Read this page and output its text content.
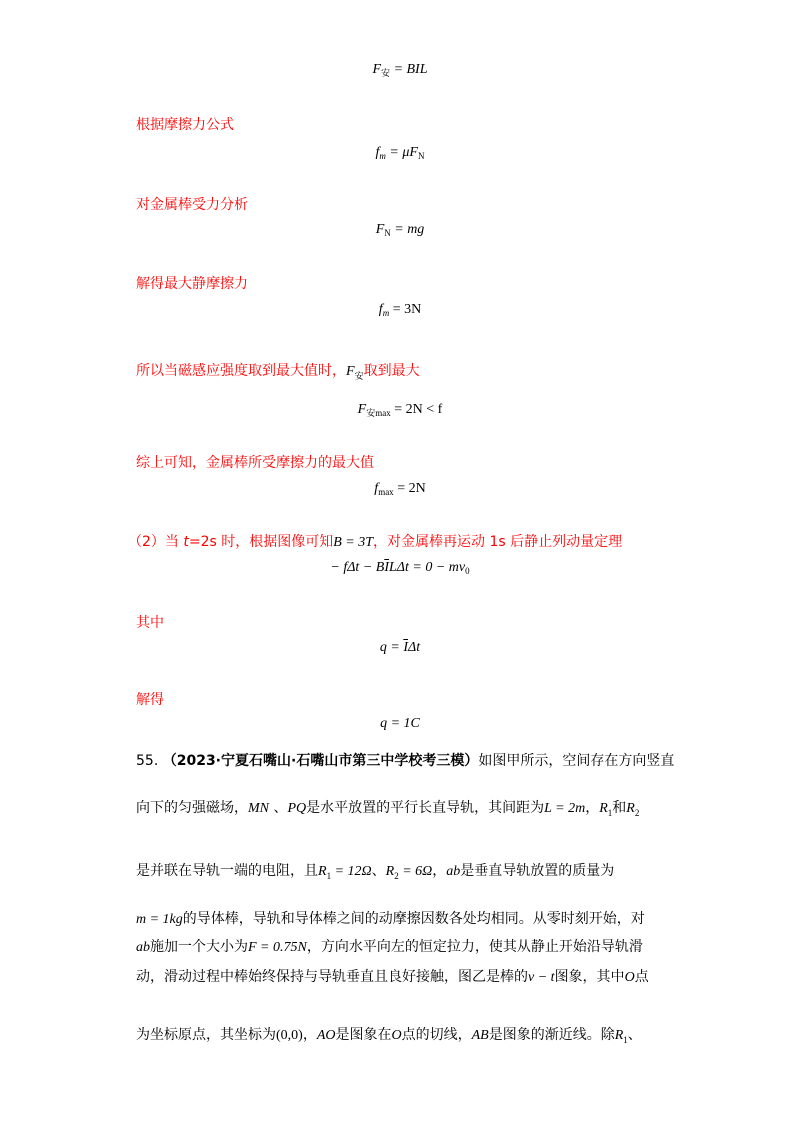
$F_安$ = BIL
根据摩擦力公式
$f_m = \mu F_N$
对金属棒受力分析
$F_N$ = mg
解得最大静摩擦力
$f_m = 3N$
所以当磁感应强度取到最大值时，$F_安$取到最大
$F_{安max} = 2N < f$
综上可知，金属棒所受摩擦力的最大值
$f_{max} = 2N$
（2）当 t=2s 时，根据图像可知B = 3T，对金属棒再运动 1s 后静止列动量定理
− $f\Delta t - B\overline{I}L\Delta t = 0 - mv_0$
其中
$q = \overline{I}\Delta t$
解得
q = 1C
55. （2023·宁夏石嘴山·石嘴山市第三中学校考三模）如图甲所示，空间存在方向竖直
向下的匀强磁场，MN 、PQ是水平放置的平行长直导轨，其间距为L = 2m，$R_1$和$R_2$
是并联在导轨一端的电阻，且$R_1 = 12\Omega$、$R_2 = 6\Omega$，ab是垂直导轨放置的质量为
m = 1kg的导体棒，导轨和导体棒之间的动摩擦因数各处均相同。从零时刻开始，对
ab施加一个大小为F = 0.75N，方向水平向左的恒定拉力，使其从静止开始沿导轨滑
动，滑动过程中棒始终保持与导轨垂直且良好接触，图乙是棒的v − t图象，其中O点
为坐标原点，其坐标为(0,0)，AO是图象在O点的切线，AB是图象的渐近线。除$R_1$、
